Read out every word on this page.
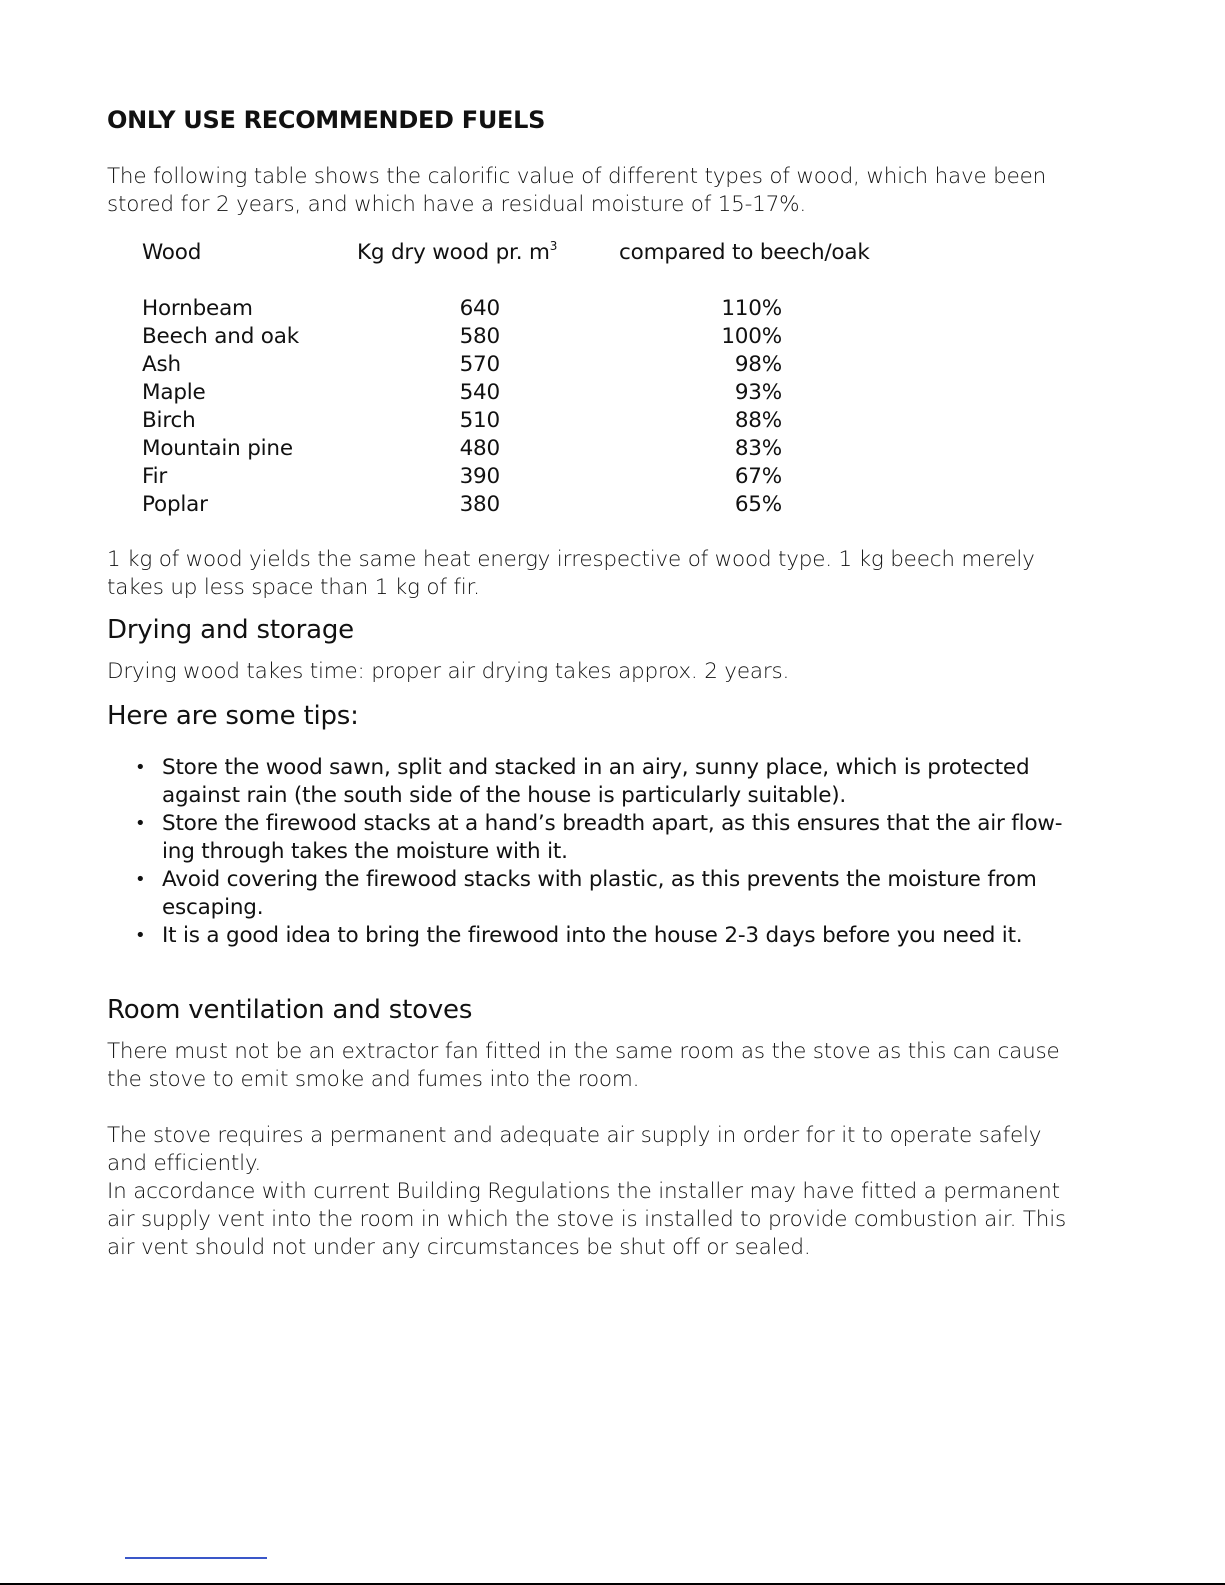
ONLY USE RECOMMENDED FUELS

The following table shows the calorific value of different types of wood, which have been

stored for 2 years, and which have a residual moisture of 15-17%.

Wood	Kg dry wood pr. $m^3$	compared to beech/oak
Hornbeam	640	110%
Beech and oak	580	100%
Ash	570	98%
Maple	540	93%
Birch	510	88%
Mountain pine	480	83%
Fir	390	67%
Poplar	380	65%

1 kg of wood yields the same heat energy irrespective of wood type. 1 kg beech merely

takes up less space than 1 kg of fir.

Drying and storage

Drying wood takes time: proper air drying takes approx. 2 years.

Here are some tips:
• Store the wood sawn, split and stacked in an airy, sunny place, which is protected
against rain (the south side of the house is particularly suitable).
• Store the firewood stacks at a hand’s breadth apart, as this ensures that the air flow-
ing through takes the moisture with it.
• Avoid covering the firewood stacks with plastic, as this prevents the moisture from
escaping.
• It is a good idea to bring the firewood into the house 2-3 days before you need it.
Room ventilation and stoves

There must not be an extractor fan fitted in the same room as the stove as this can cause

the stove to emit smoke and fumes into the room.

The stove requires a permanent and adequate air supply in order for it to operate safely

and efficiently.

In accordance with current Building Regulations the installer may have fitted a permanent

air supply vent into the room in which the stove is installed to provide combustion air. This

air vent should not under any circumstances be shut off or sealed.
